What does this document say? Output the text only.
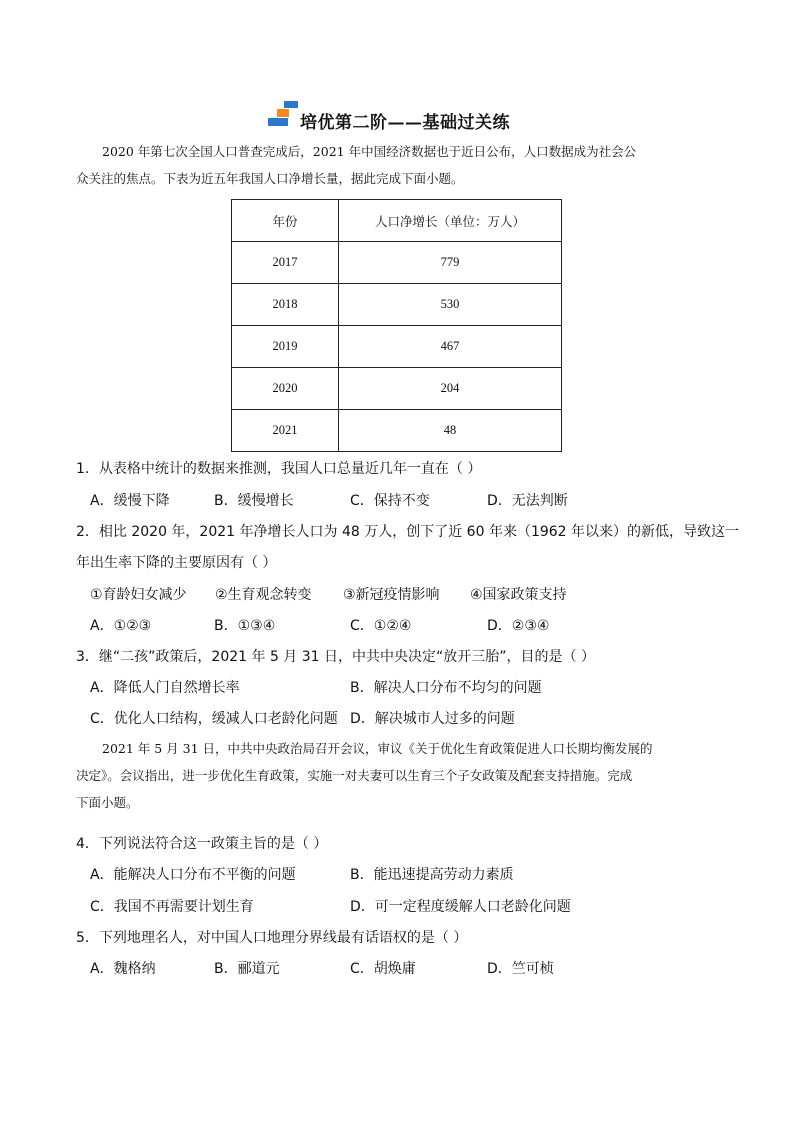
培优第二阶——基础过关练
2020 年第七次全国人口普查完成后，2021 年中国经济数据也于近日公布，人口数据成为社会公
众关注的焦点。下表为近五年我国人口净增长量，据此完成下面小题。
年份	人口净增长（单位：万人）
2017	779
2018	530
2019	467
2020	204
2021	48
1．从表格中统计的数据来推测，我国人口总量近几年一直在（ ）
A．缓慢下降	B．缓慢增长	C．保持不变	D．无法判断
2．相比 2020 年，2021 年净增长人口为 48 万人，创下了近 60 年来（1962 年以来）的新低，导致这一
年出生率下降的主要原因有（ ）
①育龄妇女减少 ②生育观念转变 ③新冠疫情影响 ④国家政策支持
A．①②③	B．①③④	C．①②④	D．②③④
3．继“二孩”政策后，2021 年 5 月 31 日，中共中央决定“放开三胎”，目的是（ ）
A．降低人门自然增长率	B．解决人口分布不均匀的问题
C．优化人口结构，缓减人口老龄化问题 D．解决城市人过多的问题
2021 年 5 月 31 日，中共中央政治局召开会议，审议《关于优化生育政策促进人口长期均衡发展的
决定》。会议指出，进一步优化生育政策，实施一对夫妻可以生育三个子女政策及配套支持措施。完成
下面小题。
4．下列说法符合这一政策主旨的是（ ）
A．能解决人口分布不平衡的问题	B．能迅速提高劳动力素质
C．我国不再需要计划生育	D．可一定程度缓解人口老龄化问题
5．下列地理名人，对中国人口地理分界线最有话语权的是（ ）
A．魏格纳	B．郦道元	C．胡焕庸	D．竺可桢
